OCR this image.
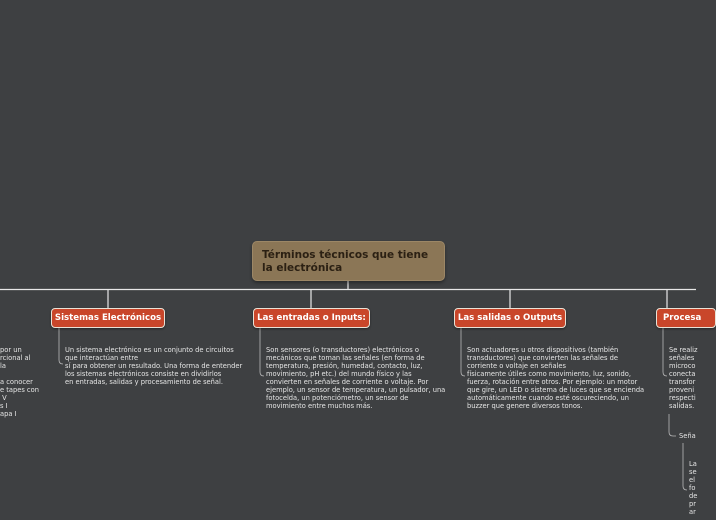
por un
rcional al
la

a conocer
e tapes con
V
s I
apa I
Términos técnicos que tiene la electrónica
Sistemas Electrónicos	Las entradas o Inputs:	Las salidas o Outputs	Procesa
Un sistema electrónico es un conjunto de circuitos
que interactúan entre
sí para obtener un resultado. Una forma de entender
los sistemas electrónicos consiste en dividirlos
en entradas, salidas y procesamiento de señal.
Son sensores (o transductores) electrónicos o
mecánicos que toman las señales (en forma de
temperatura, presión, humedad, contacto, luz,
movimiento, pH etc.) del mundo físico y las
convierten en señales de corriente o voltaje. Por
ejemplo, un sensor de temperatura, un pulsador, una
fotocelda, un potenciómetro, un sensor de
movimiento entre muchos más.
Son actuadores u otros dispositivos (también
transductores) que convierten las señales de
corriente o voltaje en señales
físicamente útiles como movimiento, luz, sonido,
fuerza, rotación entre otros. Por ejemplo: un motor
que gire, un LED o sistema de luces que se encienda
automáticamente cuando esté oscureciendo, un
buzzer que genere diversos tonos.
Se realiz
señales
microco
conecta
transfor
proveni
respecti
salidas.
Seña
La
se
el
fo
de
pr
ar
